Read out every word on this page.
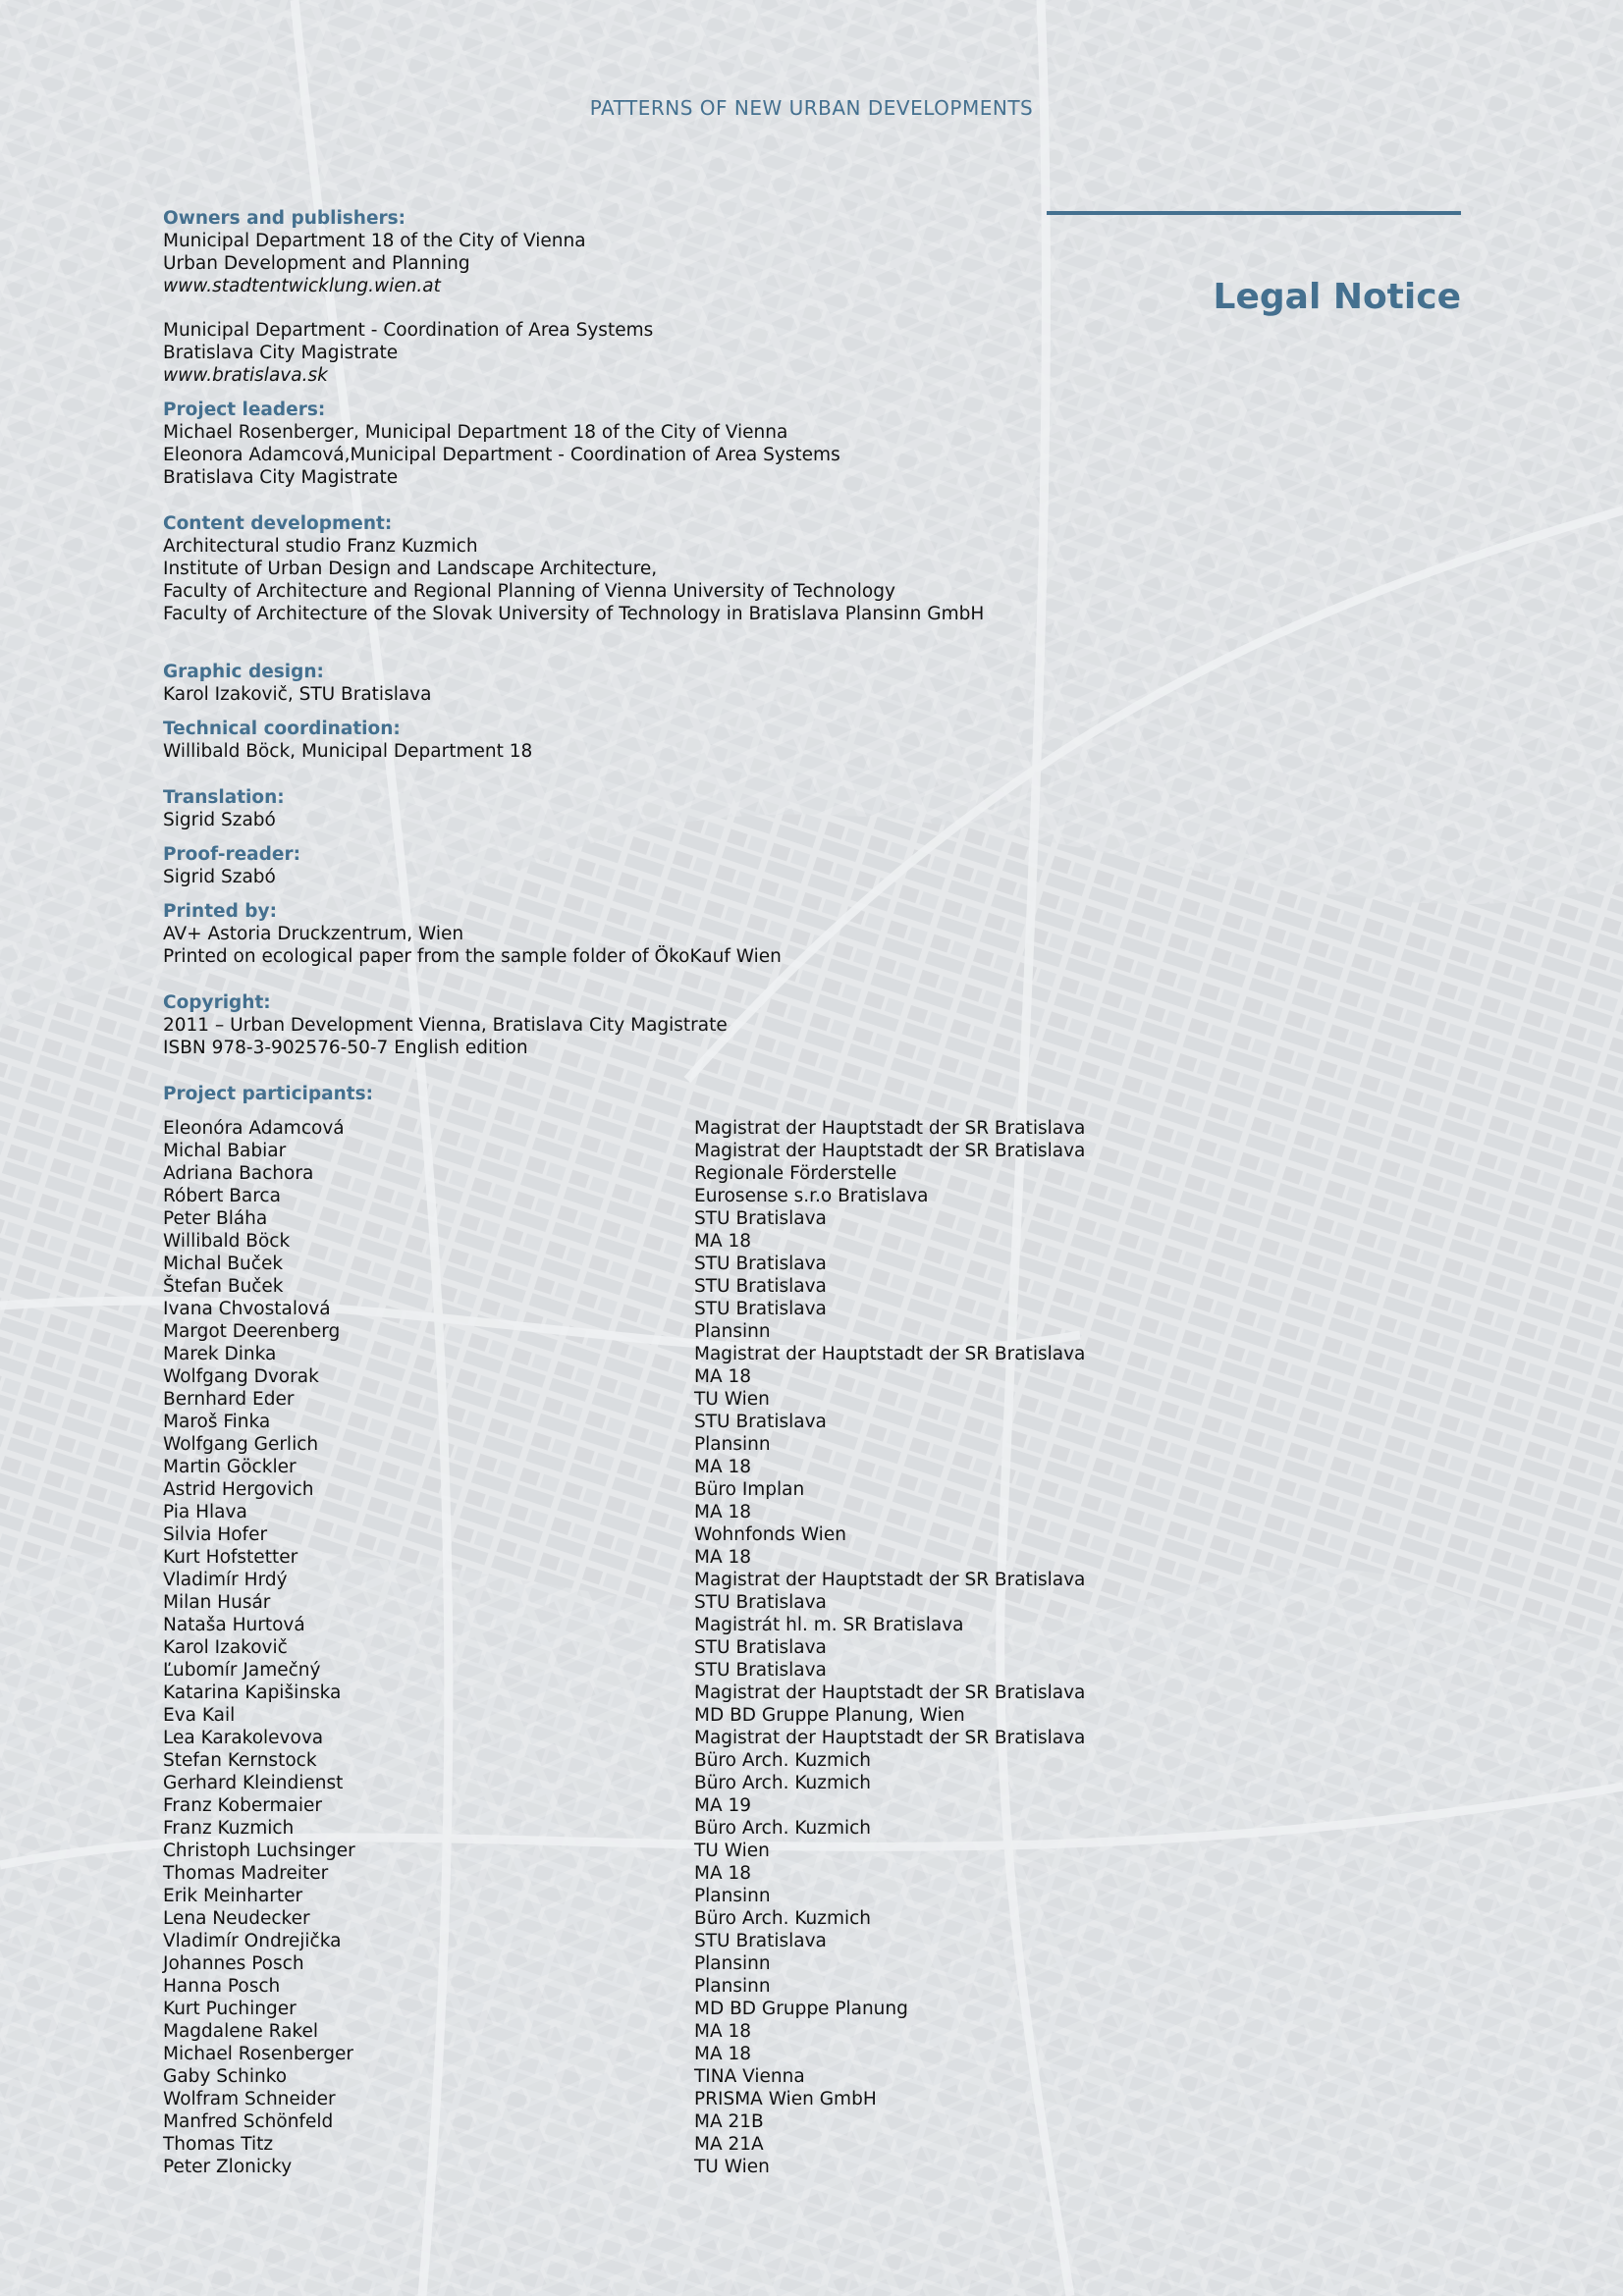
PATTERNS OF NEW URBAN DEVELOPMENTS
Legal Notice
Owners and publishers:
Municipal Department 18 of the City of Vienna
Urban Development and Planning
www.stadtentwicklung.wien.at
Municipal Department - Coordination of Area Systems
Bratislava City Magistrate
www.bratislava.sk
Project leaders:
Michael Rosenberger, Municipal Department 18 of the City of Vienna
Eleonora Adamcová,Municipal Department - Coordination of Area Systems
Bratislava City Magistrate
Content development:
Architectural studio Franz Kuzmich
Institute of Urban Design and Landscape Architecture,
Faculty of Architecture and Regional Planning of Vienna University of Technology
Faculty of Architecture of the Slovak University of Technology in Bratislava Plansinn GmbH
Graphic design:
Karol Izakovič, STU Bratislava
Technical coordination:
Willibald Böck, Municipal Department 18
Translation:
Sigrid Szabó
Proof-reader:
Sigrid Szabó
Printed by:
AV+ Astoria Druckzentrum, Wien
Printed on ecological paper from the sample folder of ÖkoKauf Wien
Copyright:
2011 – Urban Development Vienna, Bratislava City Magistrate
ISBN 978-3-902576-50-7 English edition
Project participants:
Eleonóra Adamcová	Magistrat der Hauptstadt der SR Bratislava
Michal Babiar	Magistrat der Hauptstadt der SR Bratislava
Adriana Bachora	Regionale Förderstelle
Róbert Barca	Eurosense s.r.o Bratislava
Peter Bláha	STU Bratislava
Willibald Böck	MA 18
Michal Buček	STU Bratislava
Štefan Buček	STU Bratislava
Ivana Chvostalová	STU Bratislava
Margot Deerenberg	Plansinn
Marek Dinka	Magistrat der Hauptstadt der SR Bratislava
Wolfgang Dvorak	MA 18
Bernhard Eder	TU Wien
Maroš Finka	STU Bratislava
Wolfgang Gerlich	Plansinn
Martin Göckler	MA 18
Astrid Hergovich	Büro Implan
Pia Hlava	MA 18
Silvia Hofer	Wohnfonds Wien
Kurt Hofstetter	MA 18
Vladimír Hrdý	Magistrat der Hauptstadt der SR Bratislava
Milan Husár	STU Bratislava
Nataša Hurtová	Magistrát hl. m. SR Bratislava
Karol Izakovič	STU Bratislava
Ľubomír Jamečný	STU Bratislava
Katarina Kapišinska	Magistrat der Hauptstadt der SR Bratislava
Eva Kail	MD BD Gruppe Planung, Wien
Lea Karakolevova	Magistrat der Hauptstadt der SR Bratislava
Stefan Kernstock	Büro Arch. Kuzmich
Gerhard Kleindienst	Büro Arch. Kuzmich
Franz Kobermaier	MA 19
Franz Kuzmich	Büro Arch. Kuzmich
Christoph Luchsinger	TU Wien
Thomas Madreiter	MA 18
Erik Meinharter	Plansinn
Lena Neudecker	Büro Arch. Kuzmich
Vladimír Ondrejička	STU Bratislava
Johannes Posch	Plansinn
Hanna Posch	Plansinn
Kurt Puchinger	MD BD Gruppe Planung
Magdalene Rakel	MA 18
Michael Rosenberger	MA 18
Gaby Schinko	TINA Vienna
Wolfram Schneider	PRISMA Wien GmbH
Manfred Schönfeld	MA 21B
Thomas Titz	MA 21A
Peter Zlonicky	TU Wien
